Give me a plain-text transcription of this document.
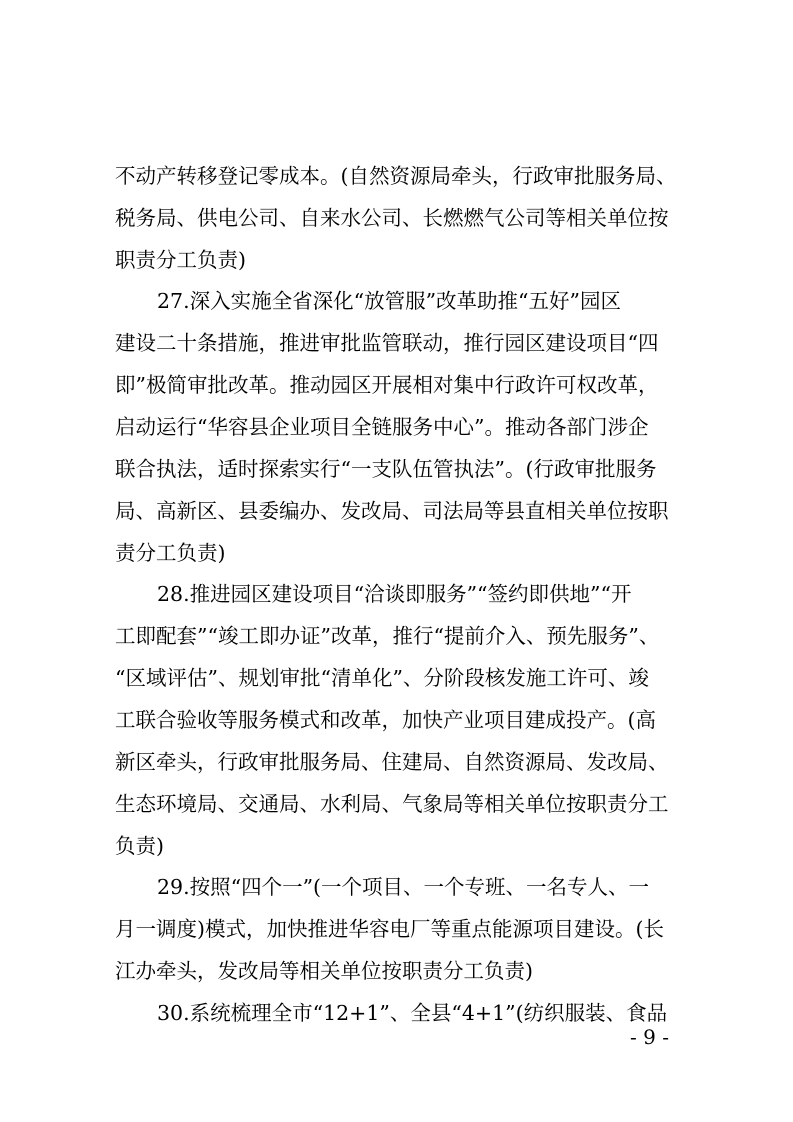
不动产转移登记零成本。(自然资源局牵头，行政审批服务局、
税务局、供电公司、自来水公司、长燃燃气公司等相关单位按
职责分工负责)
27.深入实施全省深化“放管服”改革助推“五好”园区
建设二十条措施，推进审批监管联动，推行园区建设项目“四
即”极简审批改革。推动园区开展相对集中行政许可权改革，
启动运行“华容县企业项目全链服务中心”。推动各部门涉企
联合执法，适时探索实行“一支队伍管执法”。(行政审批服务
局、高新区、县委编办、发改局、司法局等县直相关单位按职
责分工负责)
28.推进园区建设项目“洽谈即服务”“签约即供地”“开
工即配套”“竣工即办证”改革，推行“提前介入、预先服务”、
“区域评估”、规划审批“清单化”、分阶段核发施工许可、竣
工联合验收等服务模式和改革，加快产业项目建成投产。(高
新区牵头，行政审批服务局、住建局、自然资源局、发改局、
生态环境局、交通局、水利局、气象局等相关单位按职责分工
负责)
29.按照“四个一”(一个项目、一个专班、一名专人、一
月一调度)模式，加快推进华容电厂等重点能源项目建设。(长
江办牵头，发改局等相关单位按职责分工负责)
30.系统梳理全市“12+1”、全县“4+1”(纺织服装、食品
- 9 -
